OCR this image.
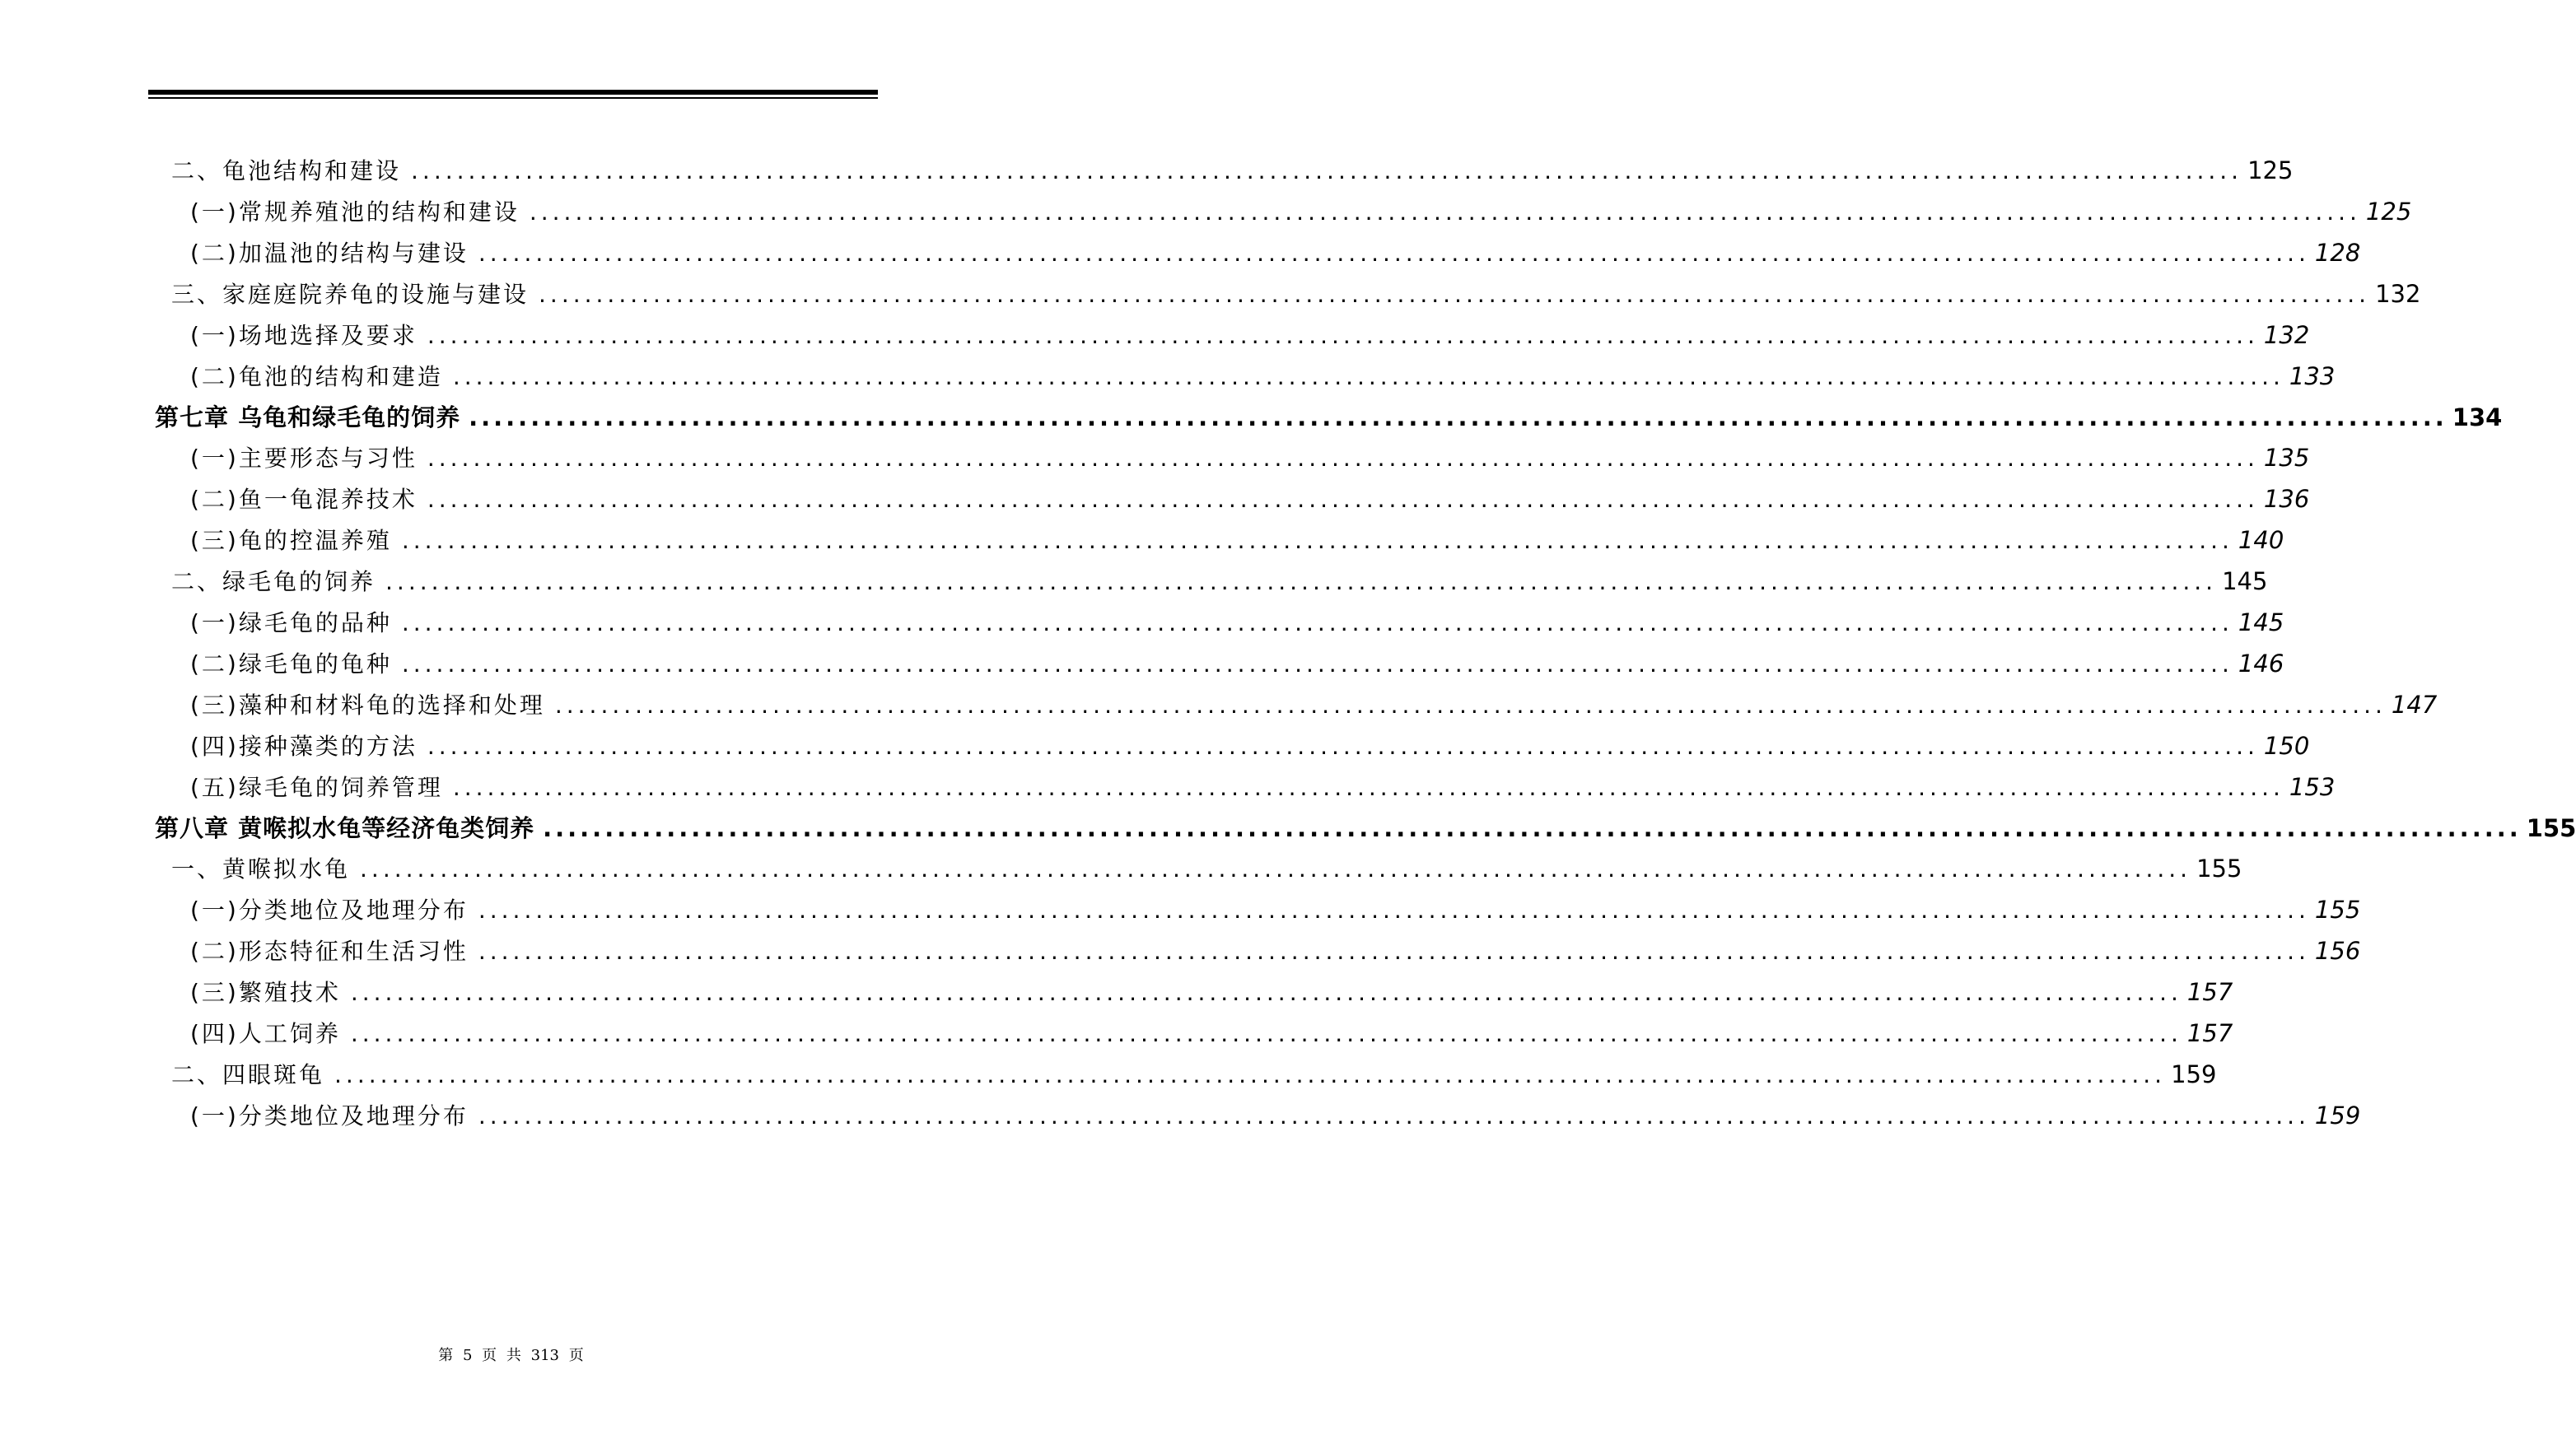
二、龟池结构和建设 ................................................................................................................................................................ 125
(一)常规养殖池的结构和建设 ................................................................................................................................................................ 125
(二)加温池的结构与建设 ................................................................................................................................................................ 128
三、家庭庭院养龟的设施与建设 ................................................................................................................................................................ 132
(一)场地选择及要求 ................................................................................................................................................................ 132
(二)龟池的结构和建造 ................................................................................................................................................................ 133
第七章 乌龟和绿毛龟的饲养 ................................................................................................................................................................ 134
(一)主要形态与习性 ................................................................................................................................................................ 135
(二)鱼一龟混养技术 ................................................................................................................................................................ 136
(三)龟的控温养殖 ................................................................................................................................................................ 140
二、绿毛龟的饲养 ................................................................................................................................................................ 145
(一)绿毛龟的品种 ................................................................................................................................................................ 145
(二)绿毛龟的龟种 ................................................................................................................................................................ 146
(三)藻种和材料龟的选择和处理 ................................................................................................................................................................ 147
(四)接种藻类的方法 ................................................................................................................................................................ 150
(五)绿毛龟的饲养管理 ................................................................................................................................................................ 153
第八章 黄喉拟水龟等经济龟类饲养 ................................................................................................................................................................ 155
一、黄喉拟水龟 ................................................................................................................................................................ 155
(一)分类地位及地理分布 ................................................................................................................................................................ 155
(二)形态特征和生活习性 ................................................................................................................................................................ 156
(三)繁殖技术 ................................................................................................................................................................ 157
(四)人工饲养 ................................................................................................................................................................ 157
二、四眼斑龟 ................................................................................................................................................................ 159
(一)分类地位及地理分布 ................................................................................................................................................................ 159
第 5 页 共 313 页
